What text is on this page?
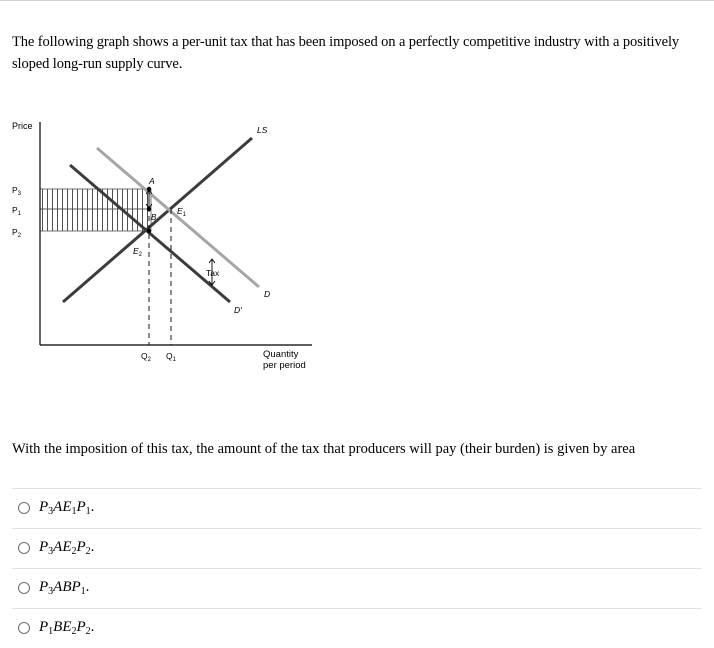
The following graph shows a per-unit tax that has been imposed on a perfectly competitive industry with a positively sloped long-run supply curve.
Price
Quantity
per period
$P_3$
$P_1$
$P_2$
$Q_2$ $Q_1$
LS
D
D'
A
B
$E_1$
$E_2$
Tax
With the imposition of this tax, the amount of the tax that producers will pay (their burden) is given by area
$P_3AE_1P_1$.
$P_3AE_2P_2$.
$P_3ABP_1$.
$P_1BE_2P_2$.
